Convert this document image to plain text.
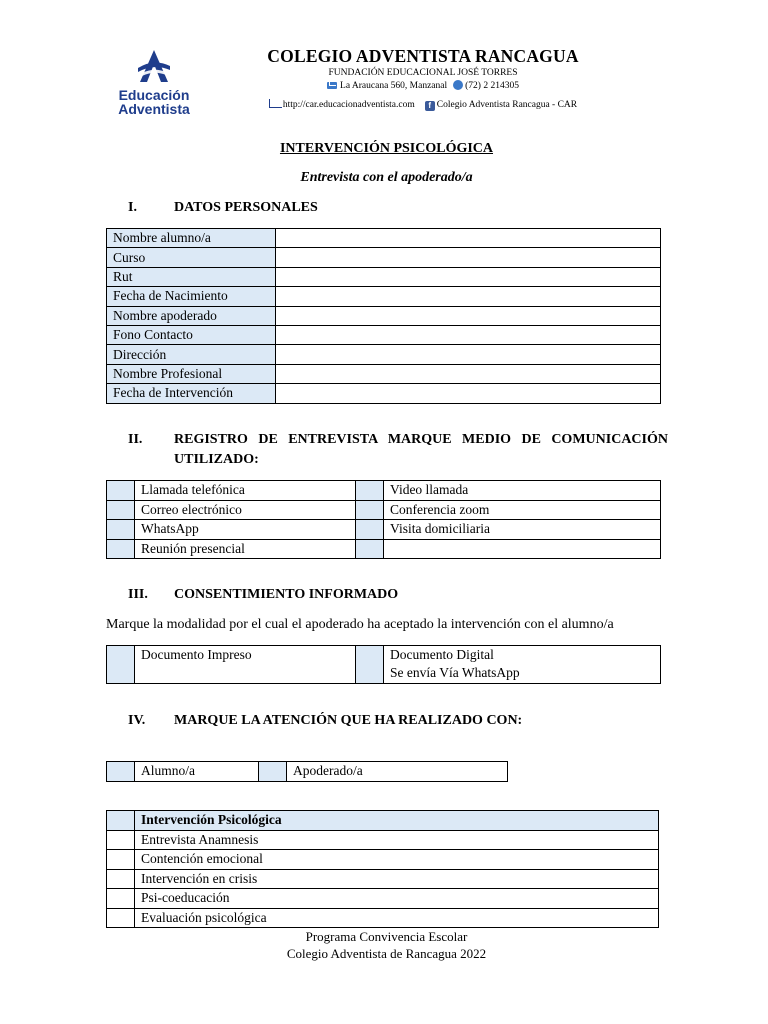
Educación
Adventista
COLEGIO ADVENTISTA RANCAGUA
FUNDACIÓN EDUCACIONAL JOSÉ TORRES
La Araucana 560, Manzanal (72) 2 214305
http://car.educacionadventista.com f Colegio Adventista Rancagua - CAR
INTERVENCIÓN PSICOLÓGICA
Entrevista con el apoderado/a
I.	DATOS PERSONALES
Nombre alumno/a	
Curso	
Rut	
Fecha de Nacimiento	
Nombre apoderado	
Fono Contacto	
Dirección	
Nombre Profesional	
Fecha de Intervención	
II. REGISTRO DE ENTREVISTA MARQUE MEDIO DE COMUNICACIÓN
UTILIZADO:
	Llamada telefónica		Video llamada
	Correo electrónico		Conferencia zoom
	WhatsApp		Visita domiciliaria
	Reunión presencial		
III. CONSENTIMIENTO INFORMADO
Marque la modalidad por el cual el apoderado ha aceptado la intervención con el alumno/a
	Documento Impreso		Documento Digital
Se envía Vía WhatsApp
IV. MARQUE LA ATENCIÓN QUE HA REALIZADO CON:
	Alumno/a		Apoderado/a
	Intervención Psicológica
	Entrevista Anamnesis
	Contención emocional
	Intervención en crisis
	Psi-coeducación
	Evaluación psicológica
Programa Convivencia Escolar
Colegio Adventista de Rancagua 2022
